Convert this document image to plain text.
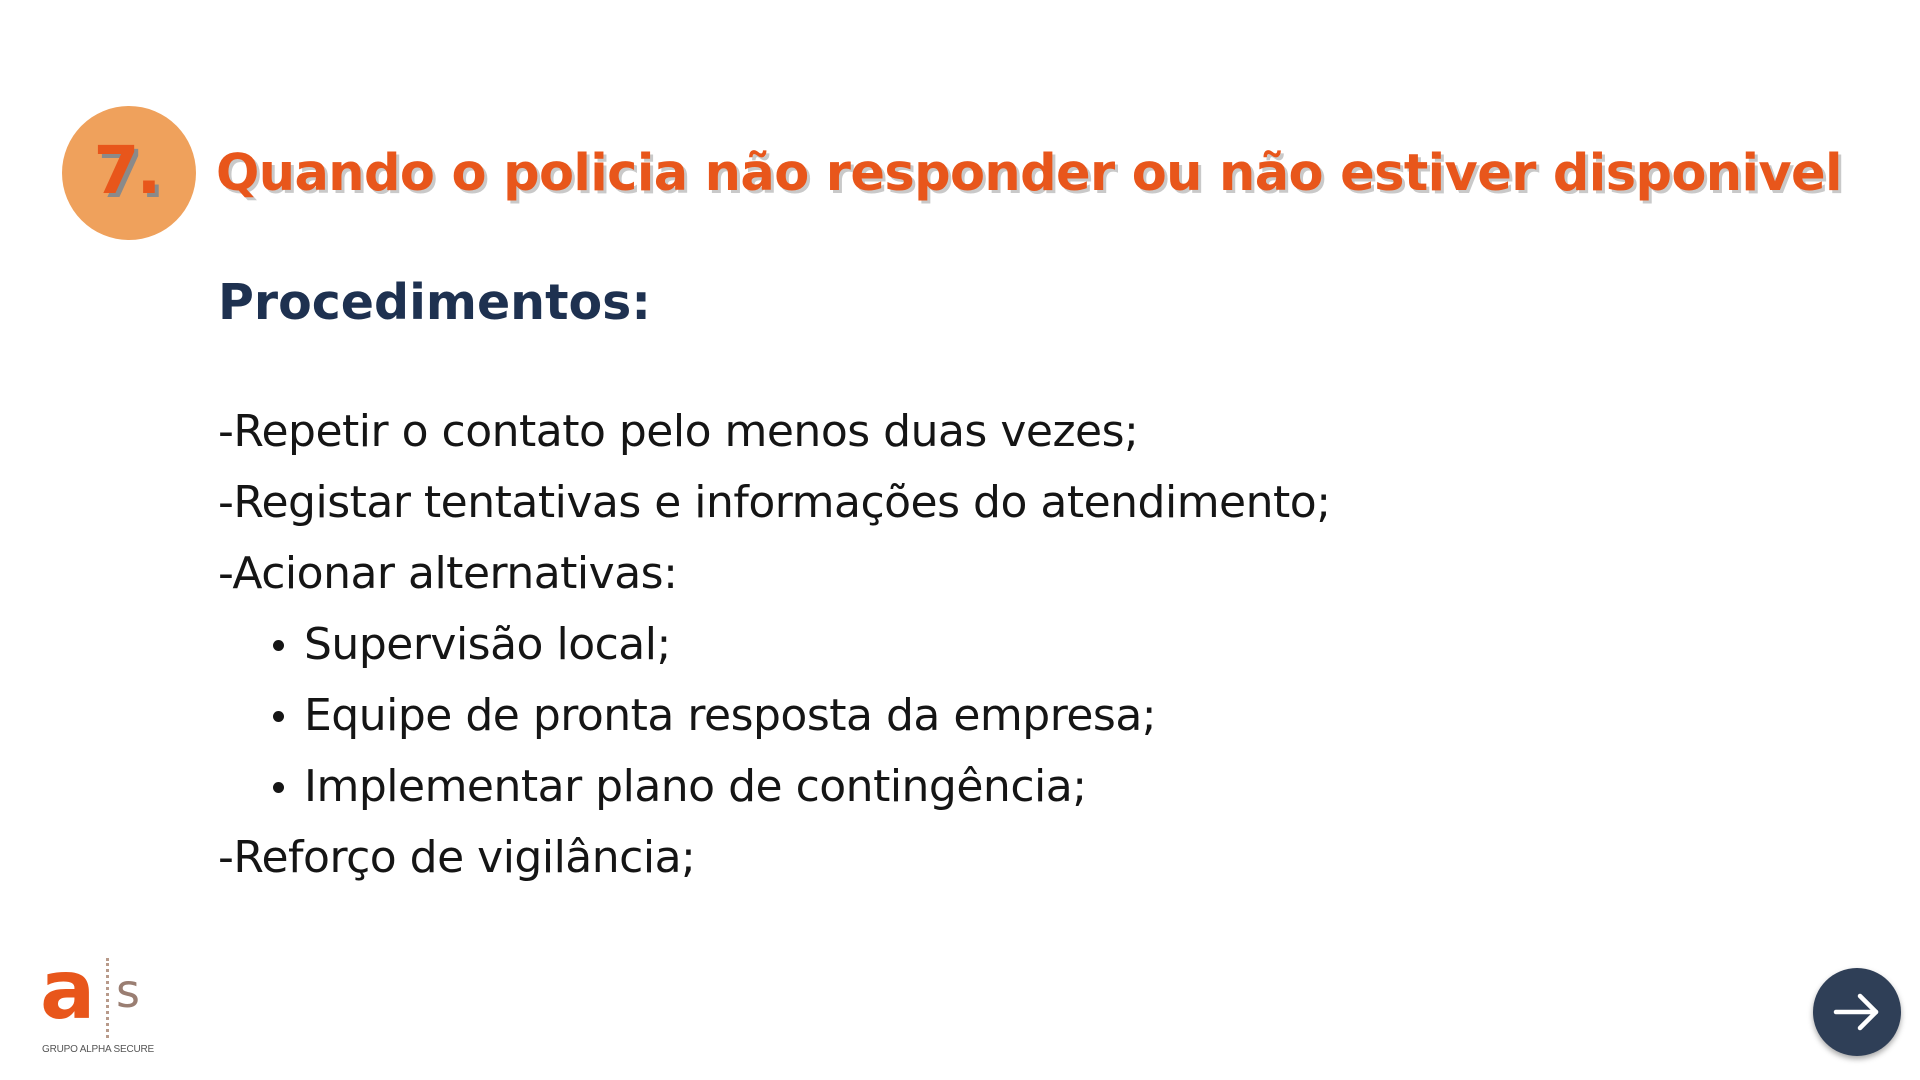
7. Quando o policia não responder ou não estiver disponivel
Procedimentos:
-Repetir o contato pelo menos duas vezes;
-Registar tentativas e informações do atendimento;
-Acionar alternativas:
Supervisão local;
Equipe de pronta resposta da empresa;
Implementar plano de contingência;
-Reforço de vigilância;
a s
GRUPO ALPHA SECURE
